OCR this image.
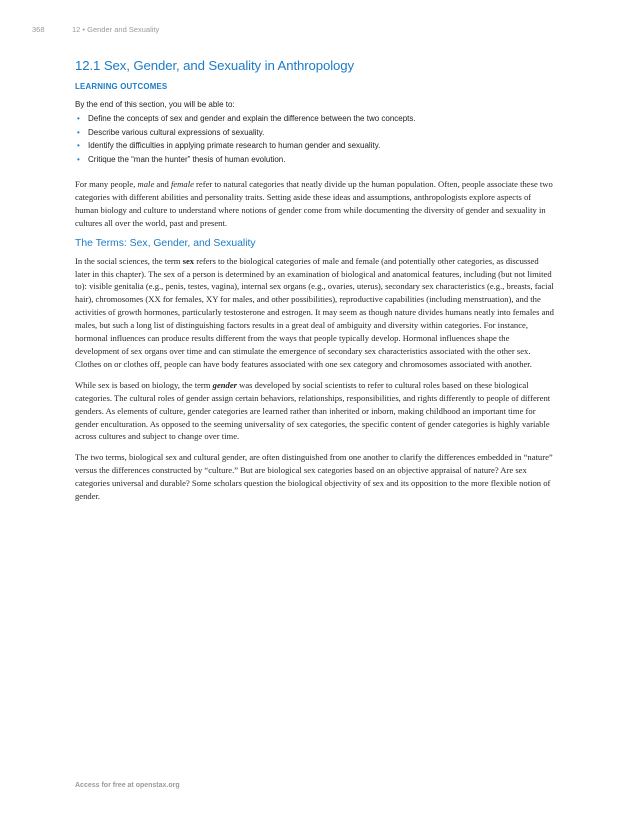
368	12 • Gender and Sexuality
12.1 Sex, Gender, and Sexuality in Anthropology
LEARNING OUTCOMES
By the end of this section, you will be able to:
• Define the concepts of sex and gender and explain the difference between the two concepts.
• Describe various cultural expressions of sexuality.
• Identify the difficulties in applying primate research to human gender and sexuality.
• Critique the “man the hunter” thesis of human evolution.

For many people, male and female refer to natural categories that neatly divide up the human population. Often, people associate these two categories with different abilities and personality traits. Setting aside these ideas and assumptions, anthropologists explore aspects of human biology and culture to understand where notions of gender come from while documenting the diversity of gender and sexuality in cultures all over the world, past and present.

The Terms: Sex, Gender, and Sexuality

In the social sciences, the term sex refers to the biological categories of male and female (and potentially other categories, as discussed later in this chapter). The sex of a person is determined by an examination of biological and anatomical features, including (but not limited to): visible genitalia (e.g., penis, testes, vagina), internal sex organs (e.g., ovaries, uterus), secondary sex characteristics (e.g., breasts, facial hair), chromosomes (XX for females, XY for males, and other possibilities), reproductive capabilities (including menstruation), and the activities of growth hormones, particularly testosterone and estrogen. It may seem as though nature divides humans neatly into females and males, but such a long list of distinguishing factors results in a great deal of ambiguity and diversity within categories. For instance, hormonal influences can produce results different from the ways that people typically develop. Hormonal influences shape the development of sex organs over time and can stimulate the emergence of secondary sex characteristics associated with the other sex. Clothes on or clothes off, people can have body features associated with one sex category and chromosomes associated with another.

While sex is based on biology, the term gender was developed by social scientists to refer to cultural roles based on these biological categories. The cultural roles of gender assign certain behaviors, relationships, responsibilities, and rights differently to people of different genders. As elements of culture, gender categories are learned rather than inherited or inborn, making childhood an important time for gender enculturation. As opposed to the seeming universality of sex categories, the specific content of gender categories is highly variable across cultures and subject to change over time.

The two terms, biological sex and cultural gender, are often distinguished from one another to clarify the differences embedded in “nature” versus the differences constructed by “culture.” But are biological sex categories based on an objective appraisal of nature? Are sex categories universal and durable? Some scholars question the biological objectivity of sex and its opposition to the more flexible notion of gender.

Access for free at openstax.org
